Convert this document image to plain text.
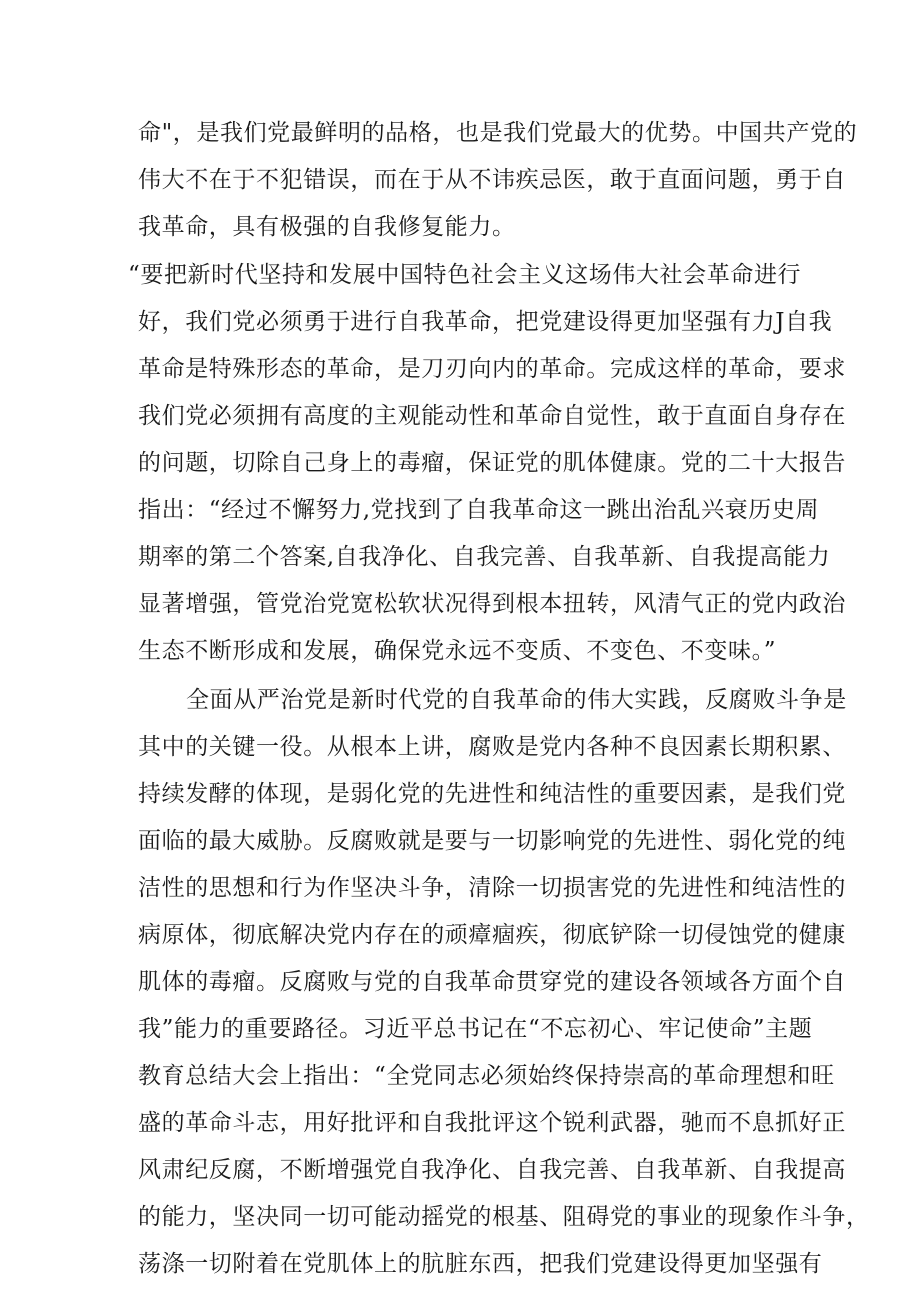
命"，是我们党最鲜明的品格，也是我们党最大的优势。中国共产党的
伟大不在于不犯错误，而在于从不讳疾忌医，敢于直面问题，勇于自
我革命，具有极强的自我修复能力。
“要把新时代坚持和发展中国特色社会主义这场伟大社会革命进行
好，我们党必须勇于进行自我革命，把党建设得更加坚强有力J自我
革命是特殊形态的革命，是刀刃向内的革命。完成这样的革命，要求
我们党必须拥有高度的主观能动性和革命自觉性，敢于直面自身存在
的问题，切除自己身上的毒瘤，保证党的肌体健康。党的二十大报告
指出：“经过不懈努力,党找到了自我革命这一跳出治乱兴衰历史周
期率的第二个答案,自我净化、自我完善、自我革新、自我提高能力
显著增强，管党治党宽松软状况得到根本扭转，风清气正的党内政治
生态不断形成和发展，确保党永远不变质、不变色、不变味。”
全面从严治党是新时代党的自我革命的伟大实践，反腐败斗争是
其中的关键一役。从根本上讲，腐败是党内各种不良因素长期积累、
持续发酵的体现，是弱化党的先进性和纯洁性的重要因素，是我们党
面临的最大威胁。反腐败就是要与一切影响党的先进性、弱化党的纯
洁性的思想和行为作坚决斗争，清除一切损害党的先进性和纯洁性的
病原体，彻底解决党内存在的顽瘴痼疾，彻底铲除一切侵蚀党的健康
肌体的毒瘤。反腐败与党的自我革命贯穿党的建设各领域各方面个自
我”能力的重要路径。习近平总书记在“不忘初心、牢记使命”主题
教育总结大会上指出：“全党同志必须始终保持崇高的革命理想和旺
盛的革命斗志，用好批评和自我批评这个锐利武器，驰而不息抓好正
风肃纪反腐，不断增强党自我净化、自我完善、自我革新、自我提高
的能力，坚决同一切可能动摇党的根基、阻碍党的事业的现象作斗争，
荡涤一切附着在党肌体上的肮脏东西，把我们党建设得更加坚强有
